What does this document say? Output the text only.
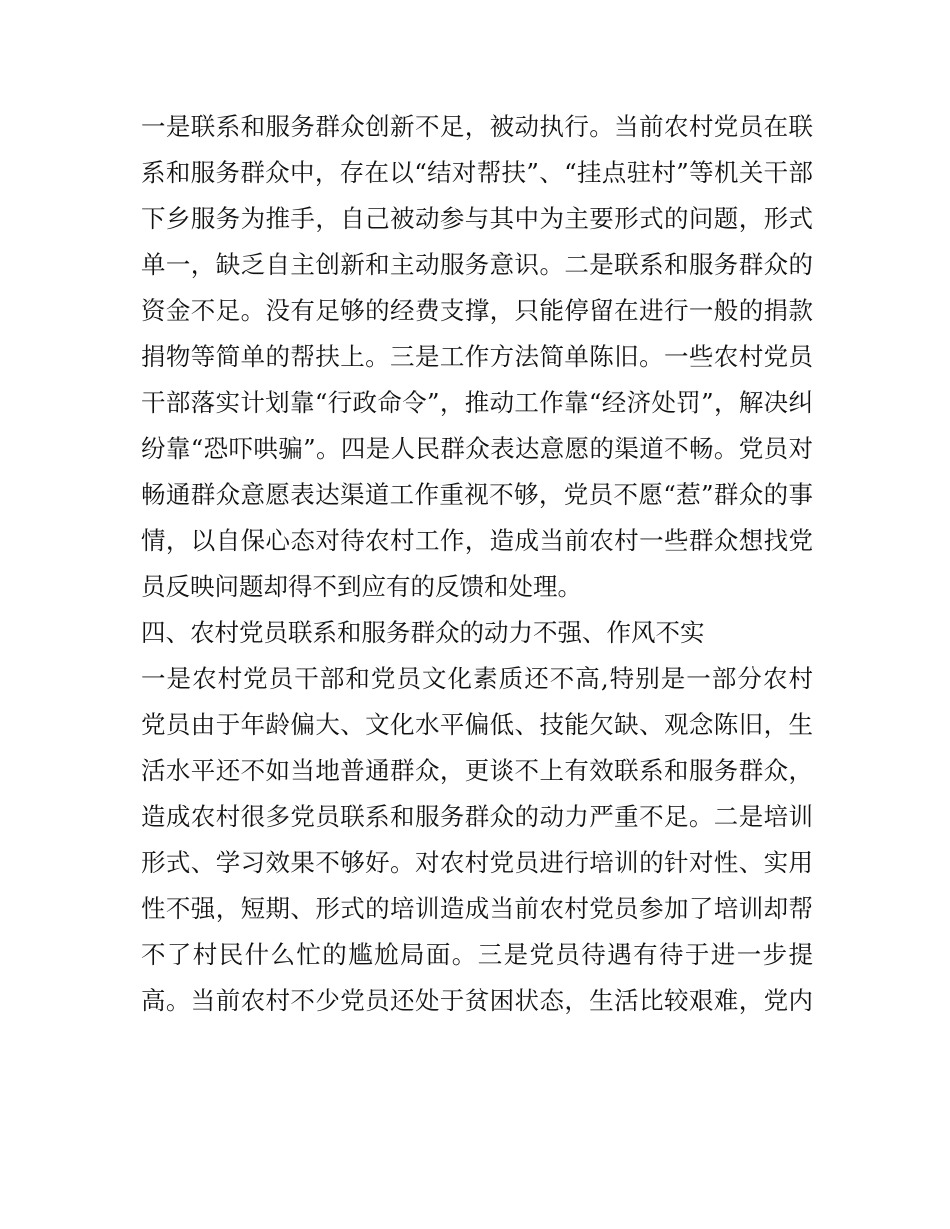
一是联系和服务群众创新不足，被动执行。当前农村党员在联
系和服务群众中，存在以“结对帮扶”、“挂点驻村”等机关干部
下乡服务为推手，自己被动参与其中为主要形式的问题，形式
单一，缺乏自主创新和主动服务意识。二是联系和服务群众的
资金不足。没有足够的经费支撑，只能停留在进行一般的捐款
捐物等简单的帮扶上。三是工作方法简单陈旧。一些农村党员
干部落实计划靠“行政命令”，推动工作靠“经济处罚”，解决纠
纷靠“恐吓哄骗”。四是人民群众表达意愿的渠道不畅。党员对
畅通群众意愿表达渠道工作重视不够，党员不愿“惹”群众的事
情，以自保心态对待农村工作，造成当前农村一些群众想找党
员反映问题却得不到应有的反馈和处理。
四、农村党员联系和服务群众的动力不强、作风不实
一是农村党员干部和党员文化素质还不高,特别是一部分农村
党员由于年龄偏大、文化水平偏低、技能欠缺、观念陈旧，生
活水平还不如当地普通群众，更谈不上有效联系和服务群众，
造成农村很多党员联系和服务群众的动力严重不足。二是培训
形式、学习效果不够好。对农村党员进行培训的针对性、实用
性不强，短期、形式的培训造成当前农村党员参加了培训却帮
不了村民什么忙的尴尬局面。三是党员待遇有待于进一步提
高。当前农村不少党员还处于贫困状态，生活比较艰难，党内
